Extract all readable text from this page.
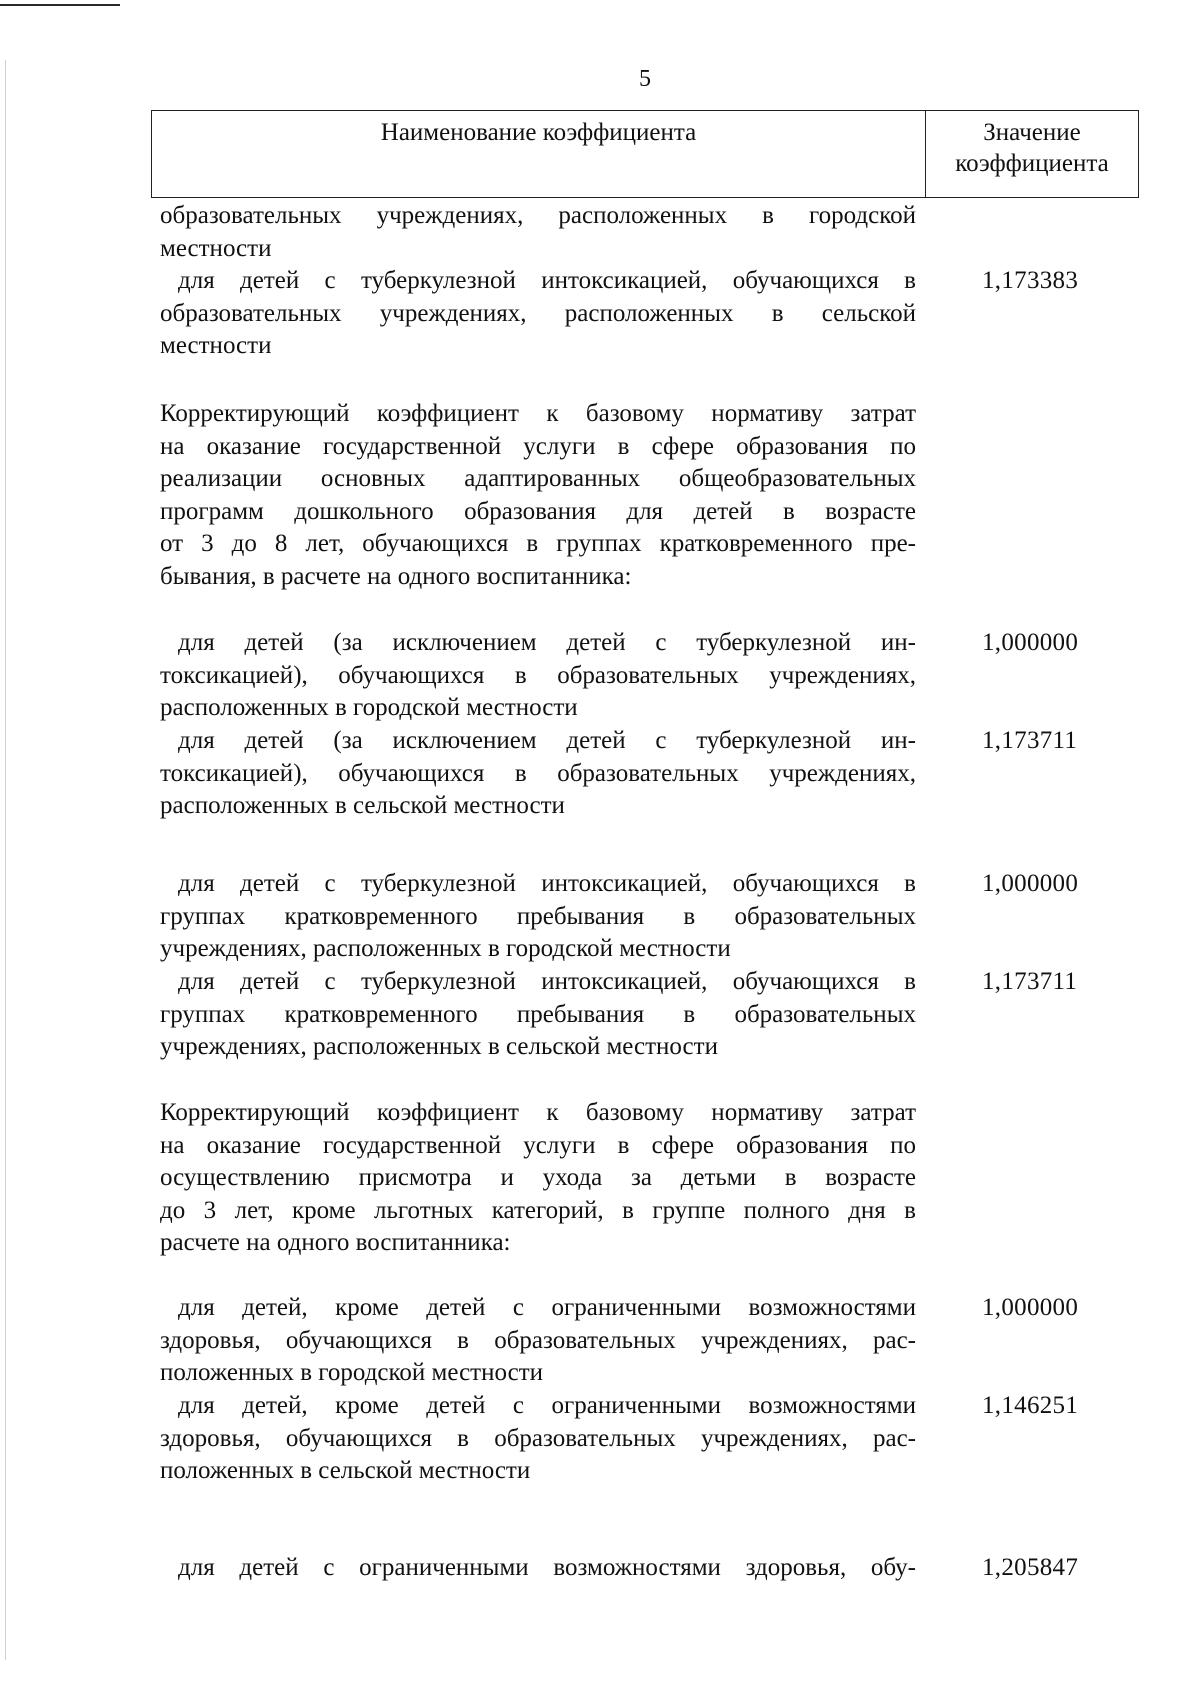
5
Наименование коэффициента	Значение
коэффициента
образовательных учреждениях, расположенных в городской
местности
для детей с туберкулезной интоксикацией, обучающихся в
образовательных учреждениях, расположенных в сельской
местности
1,173383
Корректирующий коэффициент к базовому нормативу затрат
на оказание государственной услуги в сфере образования по
реализации основных адаптированных общеобразовательных
программ дошкольного образования для детей в возрасте
от 3 до 8 лет, обучающихся в группах кратковременного пре-
бывания, в расчете на одного воспитанника:
для детей (за исключением детей с туберкулезной ин-
токсикацией), обучающихся в образовательных учреждениях,
расположенных в городской местности
1,000000
для детей (за исключением детей с туберкулезной ин-
токсикацией), обучающихся в образовательных учреждениях,
расположенных в сельской местности
1,173711
для детей с туберкулезной интоксикацией, обучающихся в
группах кратковременного пребывания в образовательных
учреждениях, расположенных в городской местности
1,000000
для детей с туберкулезной интоксикацией, обучающихся в
группах кратковременного пребывания в образовательных
учреждениях, расположенных в сельской местности
1,173711
Корректирующий коэффициент к базовому нормативу затрат
на оказание государственной услуги в сфере образования по
осуществлению присмотра и ухода за детьми в возрасте
до 3 лет, кроме льготных категорий, в группе полного дня в
расчете на одного воспитанника:
для детей, кроме детей с ограниченными возможностями
здоровья, обучающихся в образовательных учреждениях, рас-
положенных в городской местности
1,000000
для детей, кроме детей с ограниченными возможностями
здоровья, обучающихся в образовательных учреждениях, рас-
положенных в сельской местности
1,146251
для детей с ограниченными возможностями здоровья, обу-	1,205847
